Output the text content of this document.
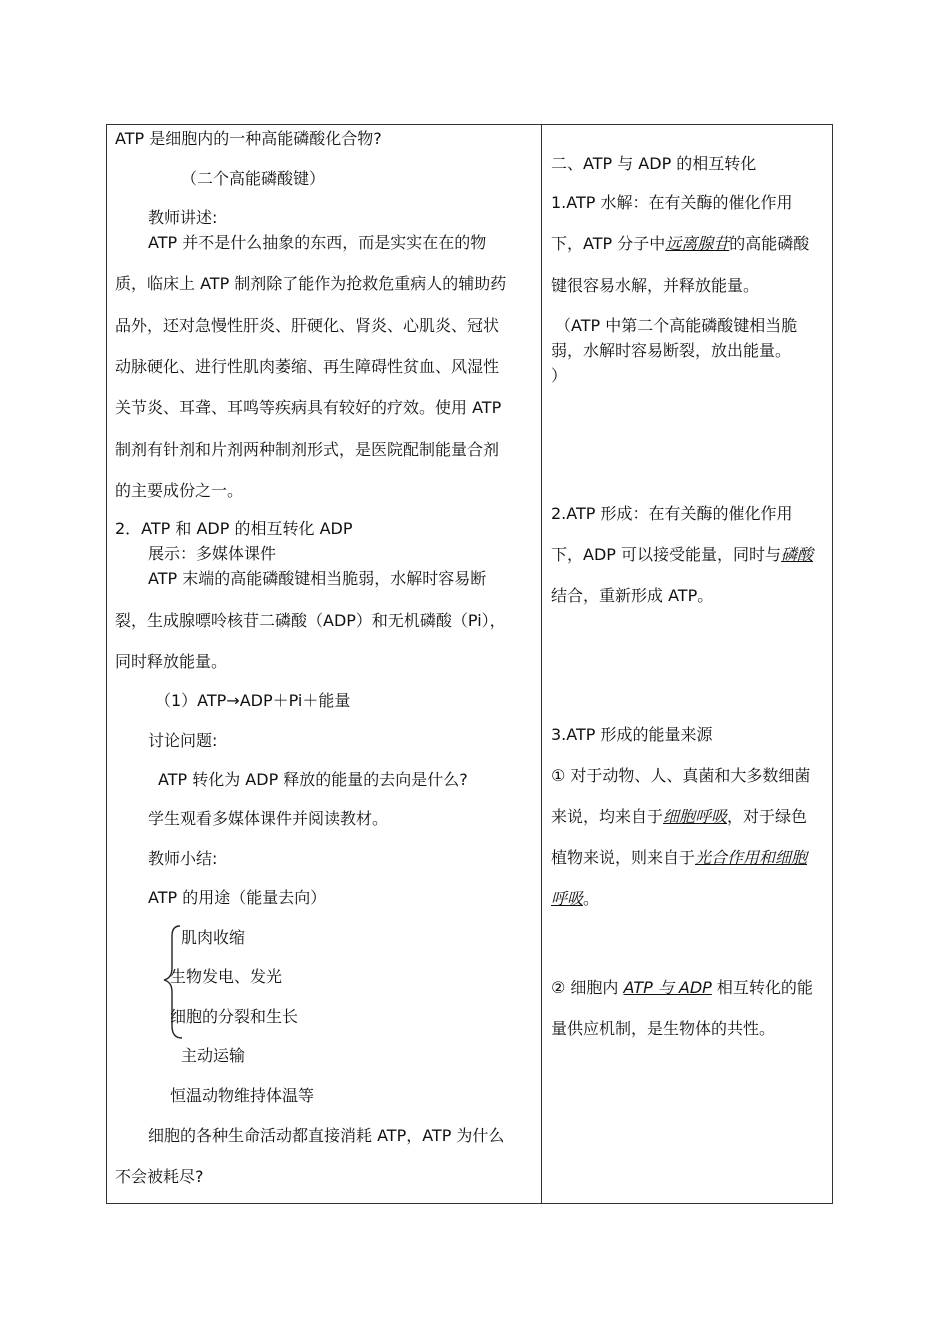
ATP 是细胞内的一种高能磷酸化合物?
（二个高能磷酸键）
教师讲述:
ATP 并不是什么抽象的东西，而是实实在在的物
质，临床上 ATP 制剂除了能作为抢救危重病人的辅助药
品外，还对急慢性肝炎、肝硬化、肾炎、心肌炎、冠状
动脉硬化、进行性肌肉萎缩、再生障碍性贫血、风湿性
关节炎、耳聋、耳鸣等疾病具有较好的疗效。使用 ATP
制剂有针剂和片剂两种制剂形式，是医院配制能量合剂
的主要成份之一。
2．ATP 和 ADP 的相互转化 ADP
展示：多媒体课件
ATP 末端的高能磷酸键相当脆弱，水解时容易断
裂，生成腺嘌呤核苷二磷酸（ADP）和无机磷酸（Pi），
同时释放能量。
（1）ATP→ADP＋Pi＋能量
讨论问题:
ATP 转化为 ADP 释放的能量的去向是什么?
学生观看多媒体课件并阅读教材。
教师小结:
ATP 的用途（能量去向）
肌肉收缩
生物发电、发光
细胞的分裂和生长
主动运输
恒温动物维持体温等
细胞的各种生命活动都直接消耗 ATP，ATP 为什么
不会被耗尽?
二、ATP 与 ADP 的相互转化
1.ATP 水解：在有关酶的催化作用
下，ATP 分子中远离腺苷的高能磷酸
键很容易水解，并释放能量。
（ATP 中第二个高能磷酸键相当脆
弱，水解时容易断裂，放出能量。
）
2.ATP 形成：在有关酶的催化作用
下，ADP 可以接受能量，同时与磷酸
结合，重新形成 ATP。
3.ATP 形成的能量来源
① 对于动物、人、真菌和大多数细菌
来说，均来自于细胞呼吸，对于绿色
植物来说，则来自于光合作用和细胞
呼吸。
② 细胞内 ATP 与 ADP 相互转化的能
量供应机制，是生物体的共性。
